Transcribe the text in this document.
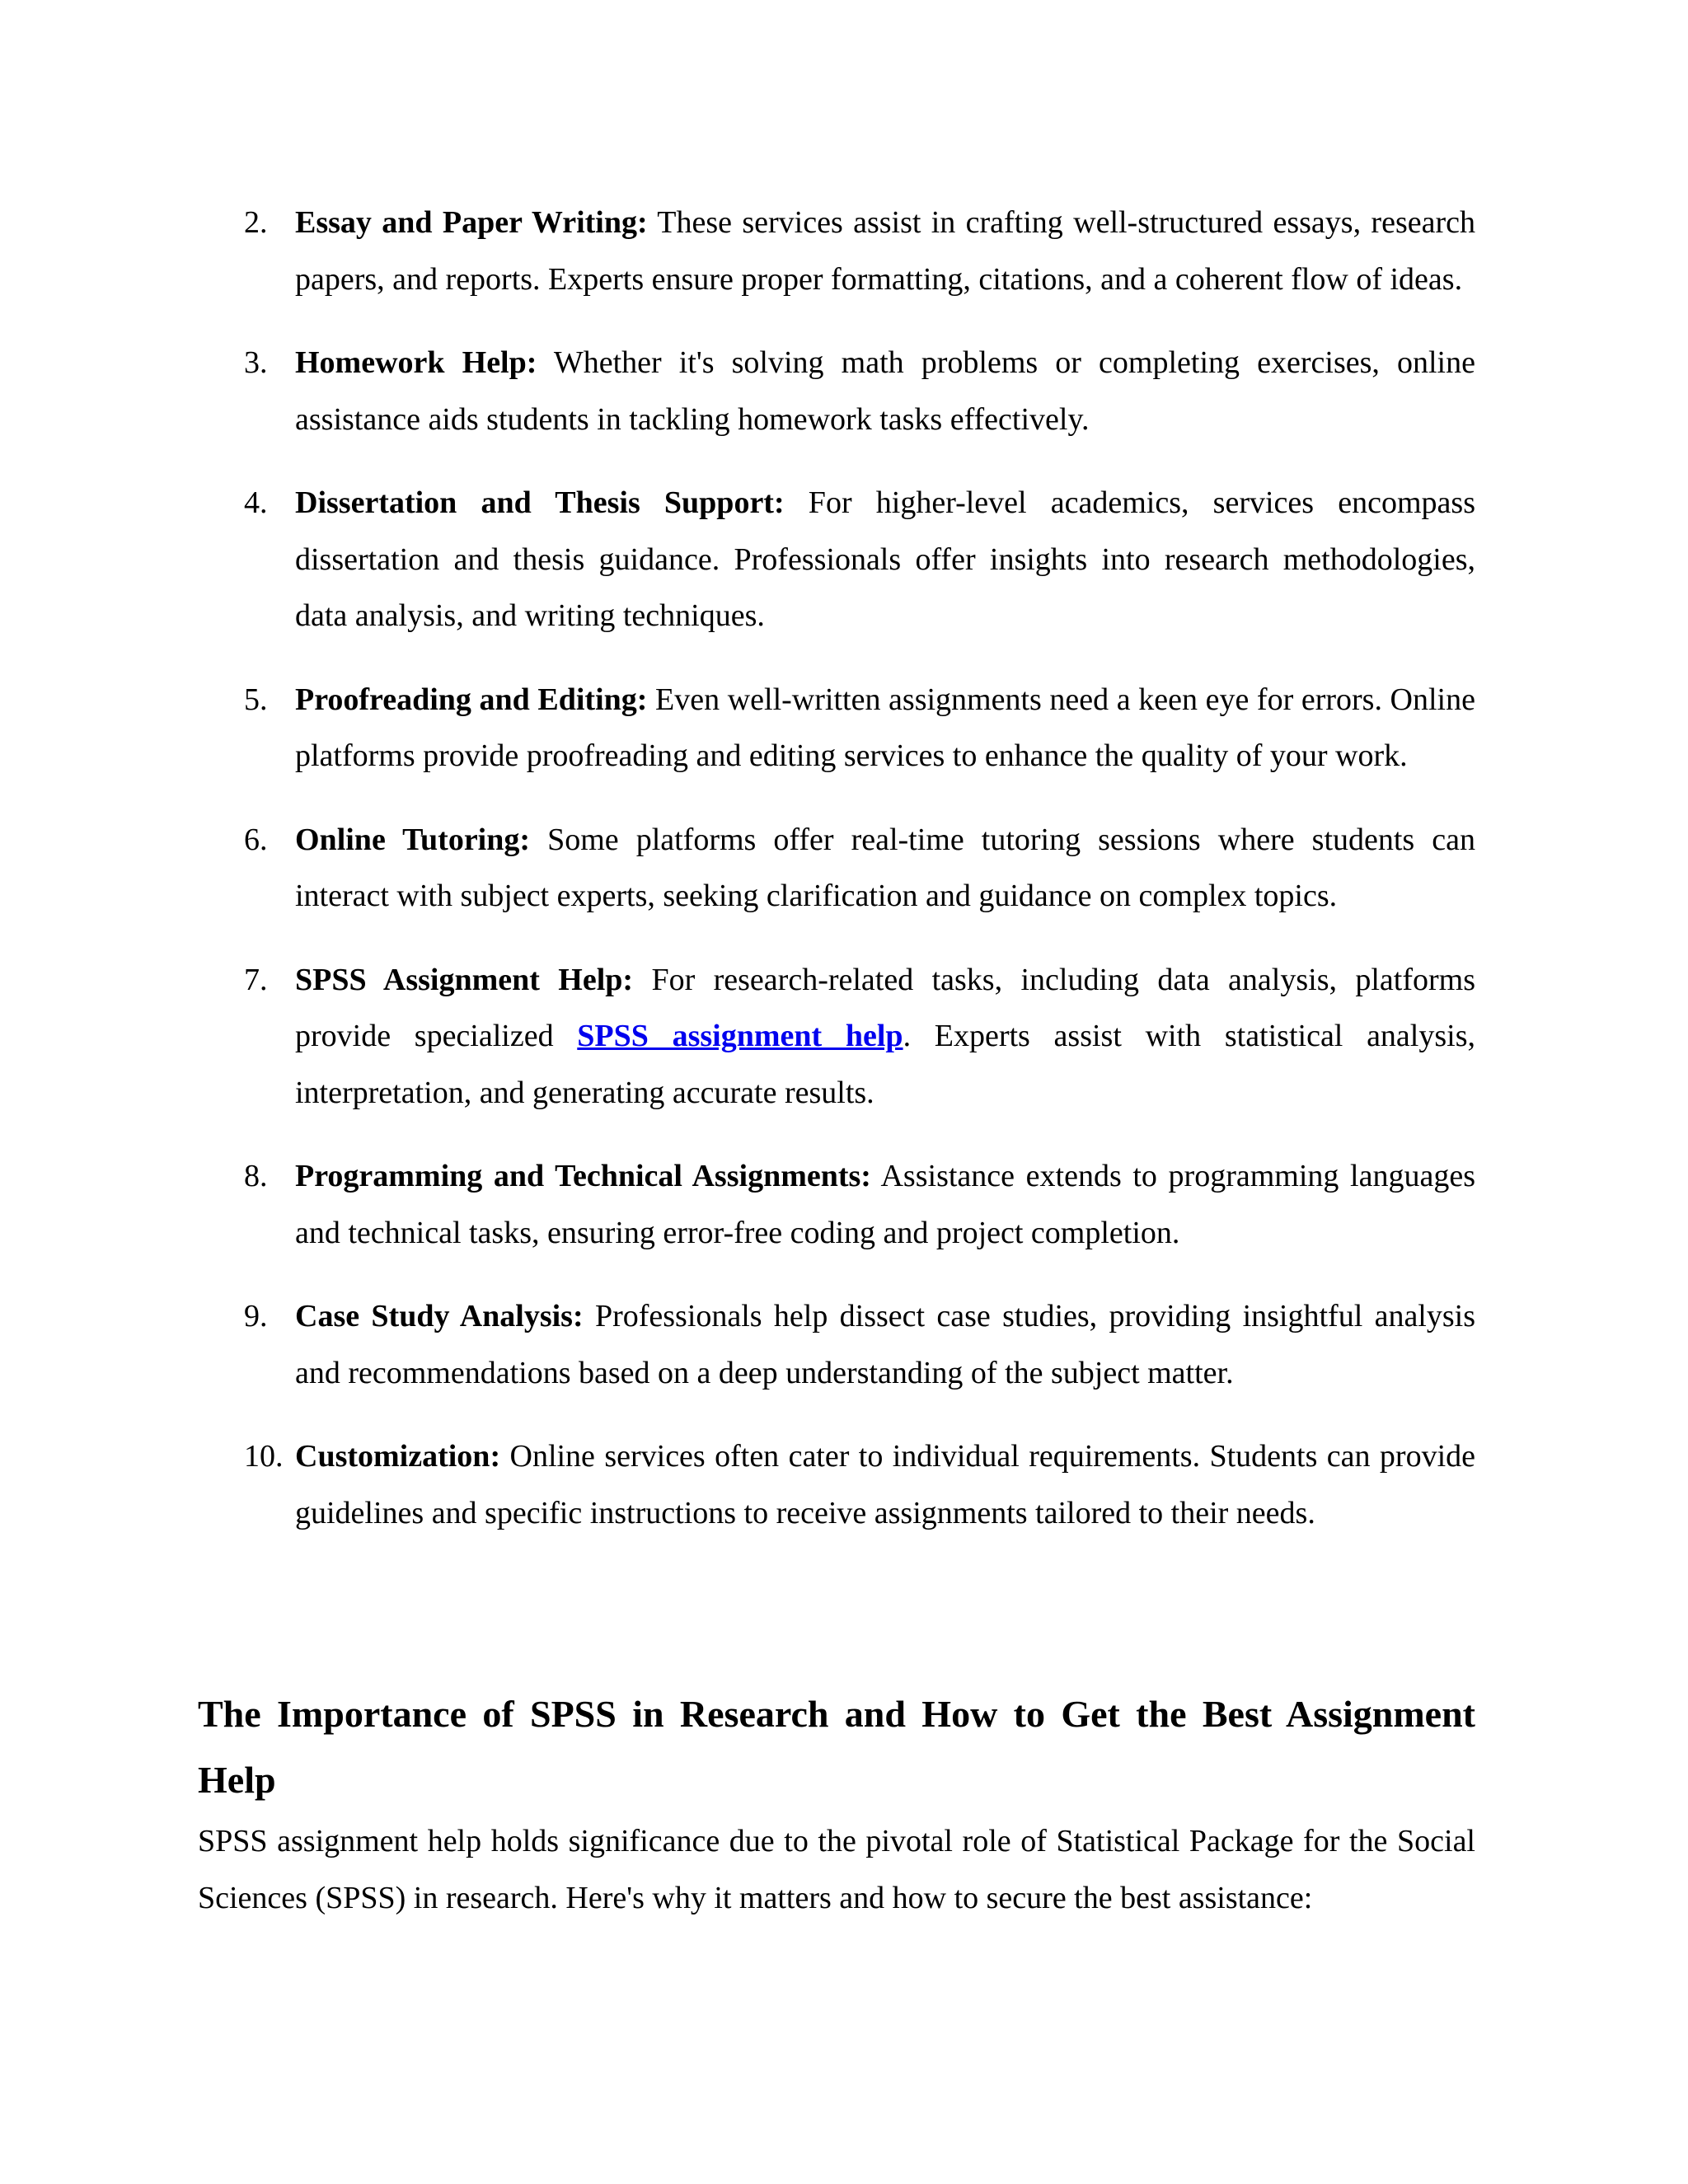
2. Essay and Paper Writing: These services assist in crafting well-structured essays, research papers, and reports. Experts ensure proper formatting, citations, and a coherent flow of ideas.
3. Homework Help: Whether it's solving math problems or completing exercises, online assistance aids students in tackling homework tasks effectively.
4. Dissertation and Thesis Support: For higher-level academics, services encompass dissertation and thesis guidance. Professionals offer insights into research methodologies, data analysis, and writing techniques.
5. Proofreading and Editing: Even well-written assignments need a keen eye for errors. Online platforms provide proofreading and editing services to enhance the quality of your work.
6. Online Tutoring: Some platforms offer real-time tutoring sessions where students can interact with subject experts, seeking clarification and guidance on complex topics.
7. SPSS Assignment Help: For research-related tasks, including data analysis, platforms provide specialized SPSS assignment help. Experts assist with statistical analysis, interpretation, and generating accurate results.
8. Programming and Technical Assignments: Assistance extends to programming languages and technical tasks, ensuring error-free coding and project completion.
9. Case Study Analysis: Professionals help dissect case studies, providing insightful analysis and recommendations based on a deep understanding of the subject matter.
10. Customization: Online services often cater to individual requirements. Students can provide guidelines and specific instructions to receive assignments tailored to their needs.
The Importance of SPSS in Research and How to Get the Best Assignment Help

SPSS assignment help holds significance due to the pivotal role of Statistical Package for the Social Sciences (SPSS) in research. Here's why it matters and how to secure the best assistance:
